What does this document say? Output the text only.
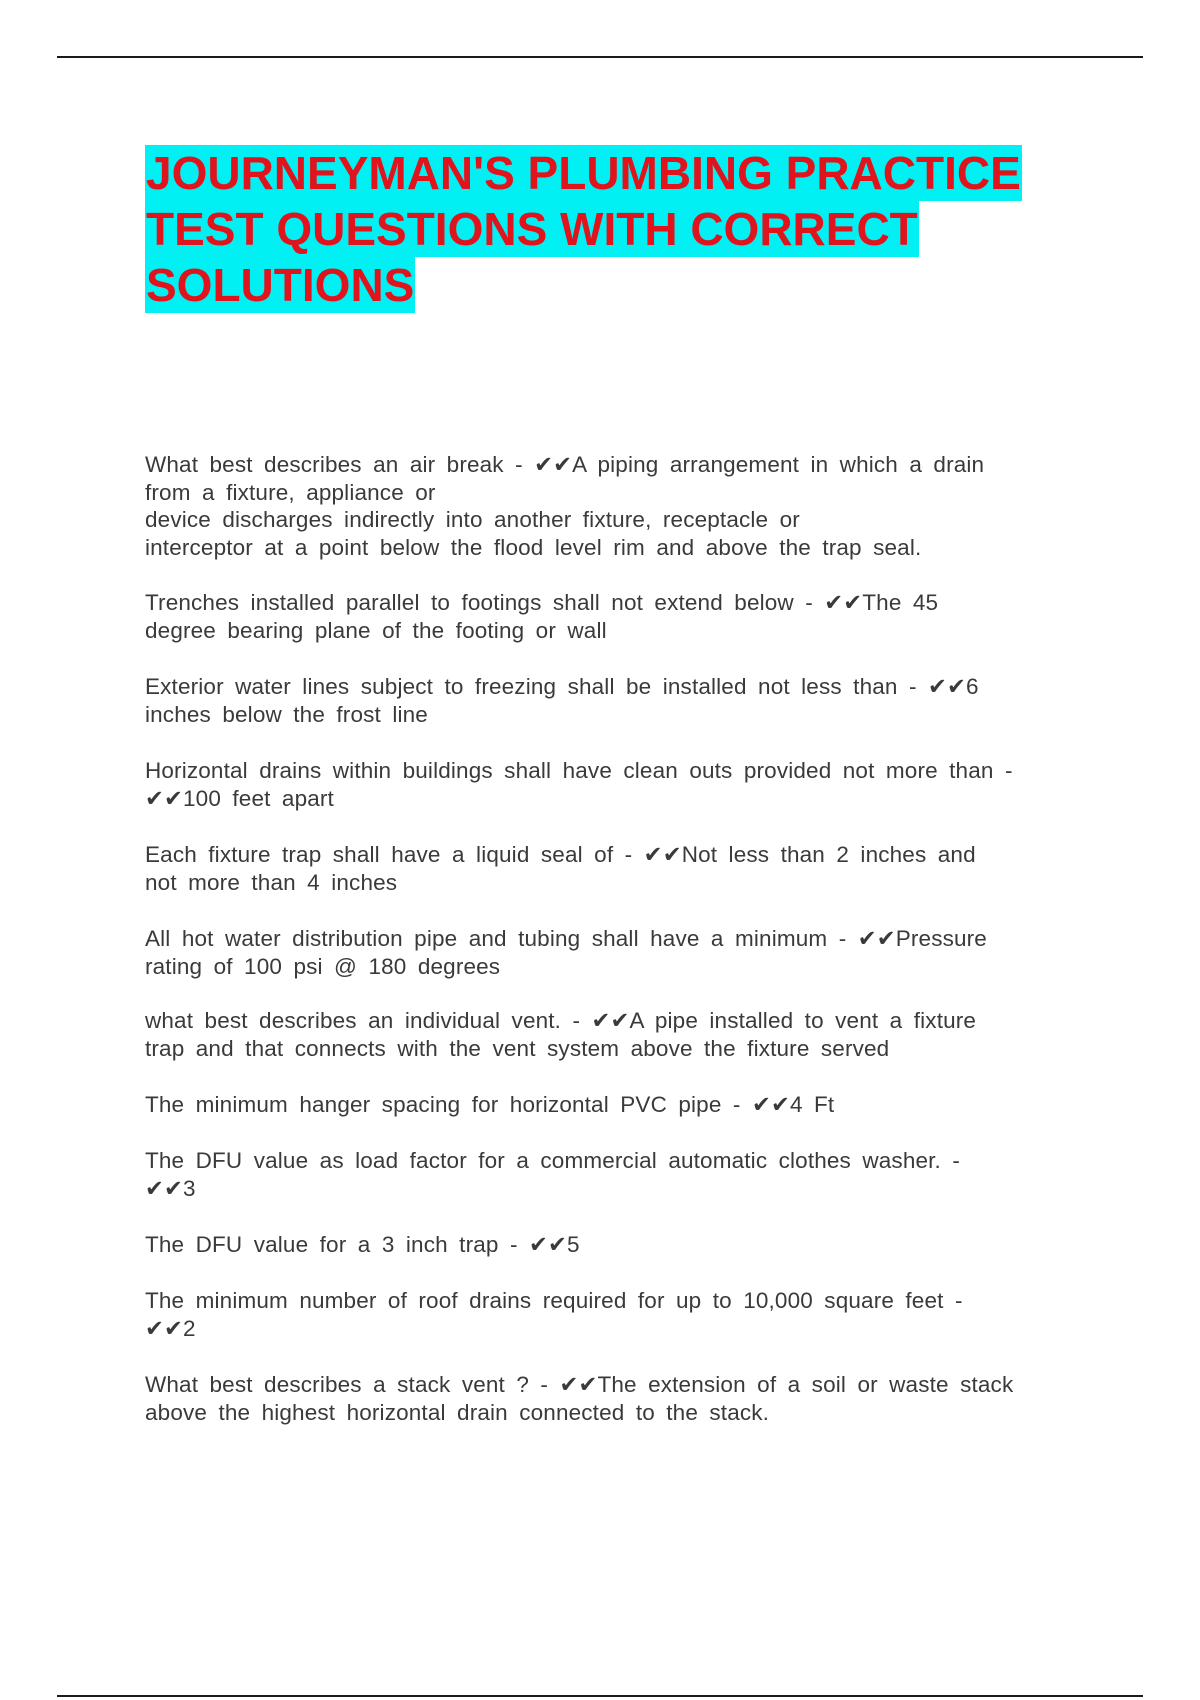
JOURNEYMAN'S PLUMBING PRACTICE
TEST QUESTIONS WITH CORRECT
SOLUTIONS
What best describes an air break - ✔✔A piping arrangement in which a drain
from a fixture, appliance or
device discharges indirectly into another fixture, receptacle or
interceptor at a point below the flood level rim and above the trap seal.
Trenches installed parallel to footings shall not extend below - ✔✔The 45
degree bearing plane of the footing or wall
Exterior water lines subject to freezing shall be installed not less than - ✔✔6
inches below the frost line
Horizontal drains within buildings shall have clean outs provided not more than -
✔✔100 feet apart
Each fixture trap shall have a liquid seal of - ✔✔Not less than 2 inches and
not more than 4 inches
All hot water distribution pipe and tubing shall have a minimum - ✔✔Pressure
rating of 100 psi @ 180 degrees
what best describes an individual vent. - ✔✔A pipe installed to vent a fixture
trap and that connects with the vent system above the fixture served
The minimum hanger spacing for horizontal PVC pipe - ✔✔4 Ft
The DFU value as load factor for a commercial automatic clothes washer. -
✔✔3
The DFU value for a 3 inch trap - ✔✔5
The minimum number of roof drains required for up to 10,000 square feet -
✔✔2
What best describes a stack vent ? - ✔✔The extension of a soil or waste stack
above the highest horizontal drain connected to the stack.
